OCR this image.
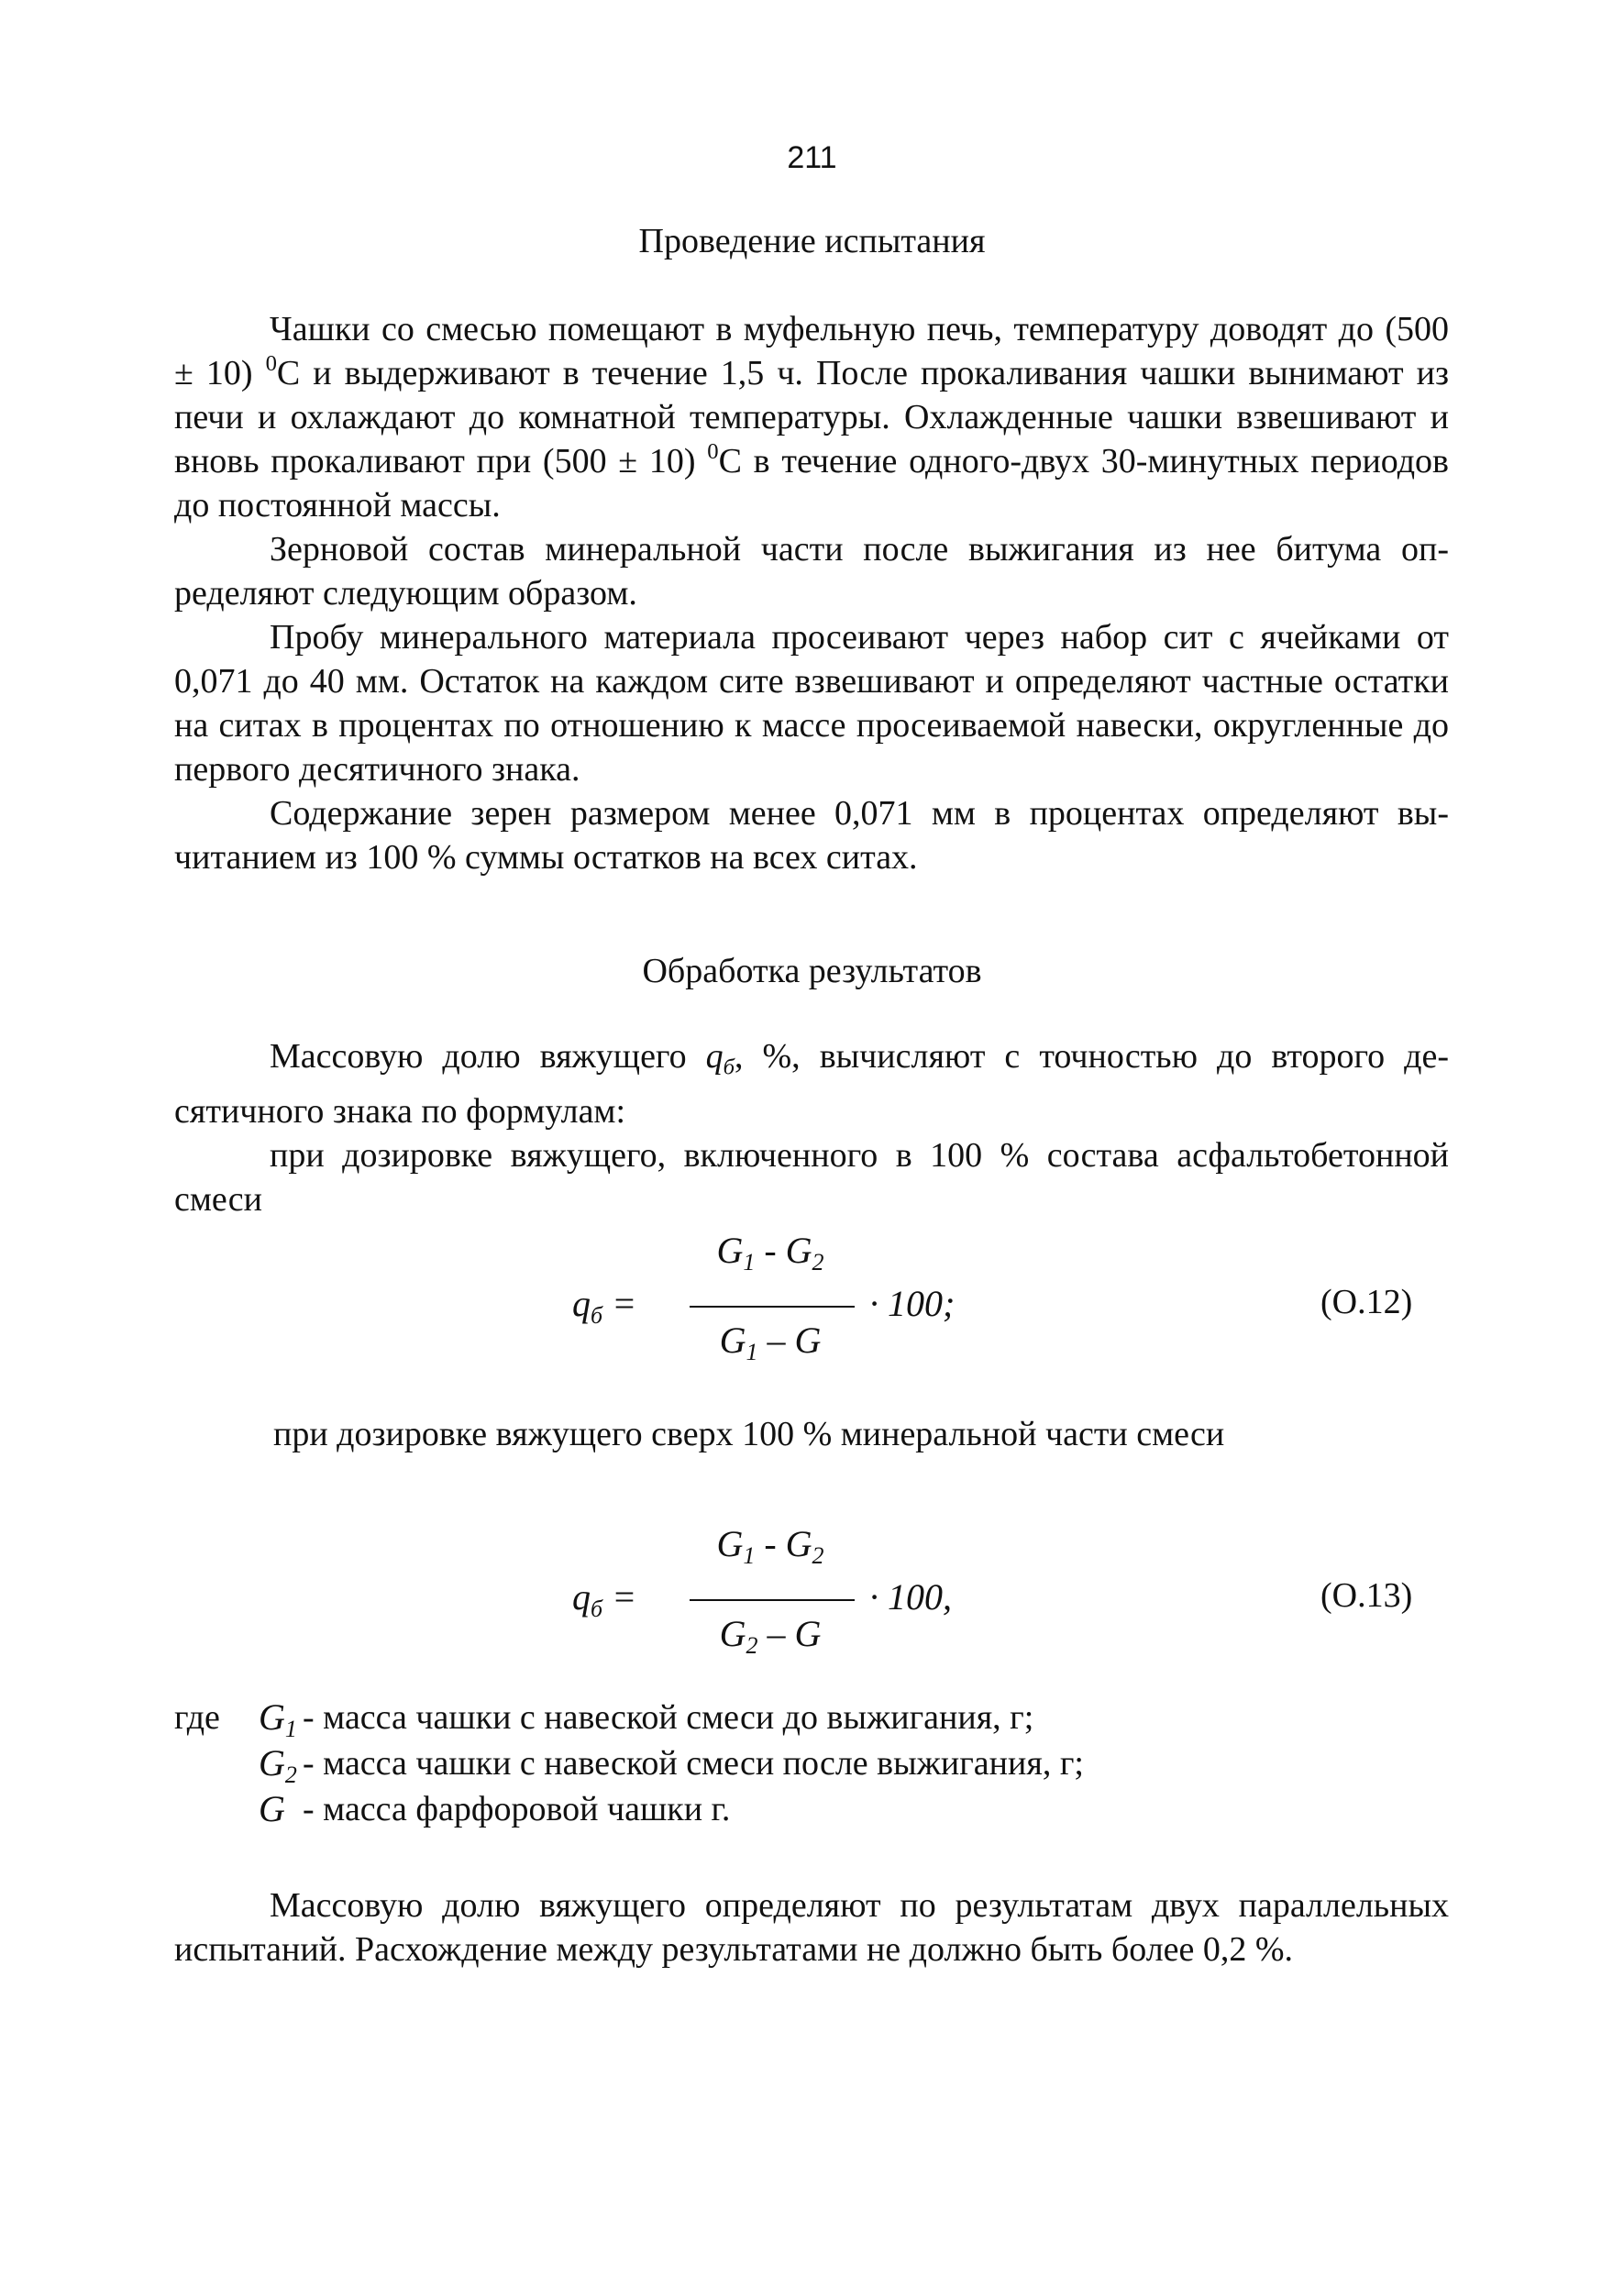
211
Проведение испытания

Чашки со смесью помещают в муфельную печь, температуру доводят до (500 ± 10) $^0$С и выдерживают в течение 1,5 ч. После прокаливания чашки вынимают из печи и охлаждают до комнатной температуры. Охлажденные чашки взвешивают и вновь прокаливают при (500 ± 10) $^0$С в течение одного-двух 30-минутных периодов до постоянной массы.

Зерновой состав минеральной части после выжигания из нее битума определяют следующим образом.

Пробу минерального материала просеивают через набор сит с ячейками от 0,071 до 40 мм. Остаток на каждом сите взвешивают и определяют частные остатки на ситах в процентах по отношению к массе просеиваемой навески, округленные до первого десятичного знака.

Содержание зерен размером менее 0,071 мм в процентах определяют вычитанием из 100 % суммы остатков на всех ситах.

Обработка результатов

Массовую долю вяжущего $q_б$, %, вычисляют с точностью до второго десятичного знака по формулам:

при дозировке вяжущего, включенного в 100 % состава асфальтобетонной смеси

$q_б$ =
$G_1 - G_2$
$G_1$ – G
· 100;	(О.12)
при дозировке вяжущего сверх 100 % минеральной части смеси
$q_б$ =
$G_1 - G_2$
$G_2$ – G
· 100,	(О.13)
где $G_1$ - масса чашки с навеской смеси до выжигания, г;
$G_2$ - масса чашки с навеской смеси после выжигания, г;
G - масса фарфоровой чашки г.

Массовую долю вяжущего определяют по результатам двух параллельных испытаний. Расхождение между результатами не должно быть более 0,2 %.
